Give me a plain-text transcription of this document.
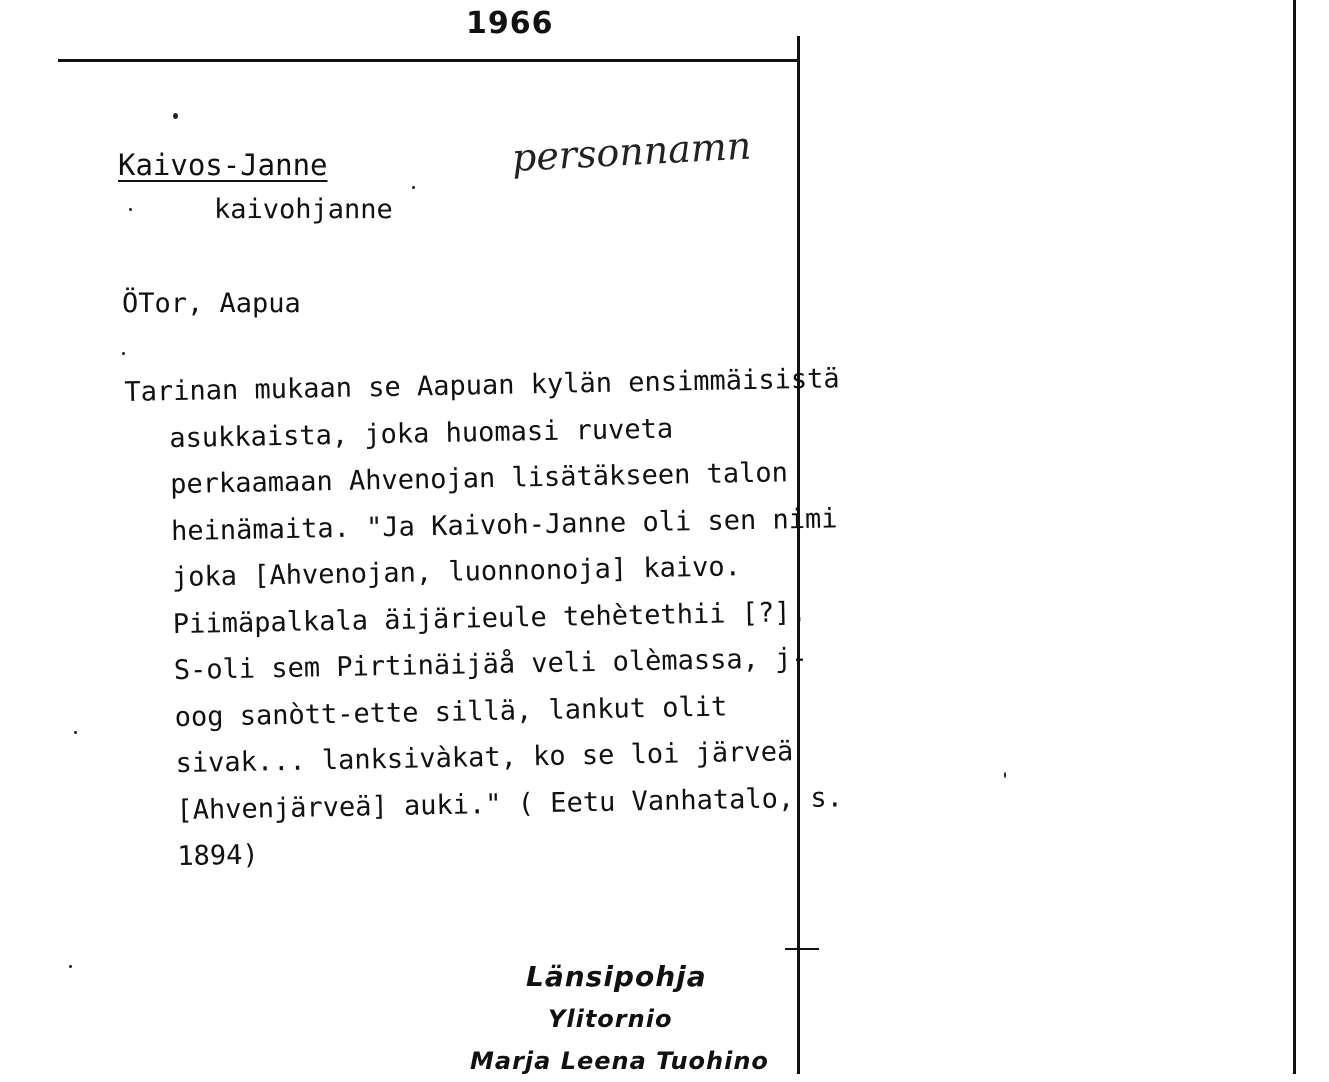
1966
Kaivos-Janne	personnamn
kaivohjanne
ÖTor, Aapua

Tarinan mukaan se Aapuan kylän ensimmäisistä asukkaista, joka huomasi ruveta perkaamaan Ahvenojan lisätäkseen talon heinämaita. "Ja Kaivoh-Janne oli sen nimi joka [Ahvenojan, luonnonoja] kaivo. Piimäpalkala äijärieule tehètethii [?]. S-oli sem Pirtinäijäå veli olèmassa, j-oog sanòtt-ette sillä, lankut olit sivak... lanksivàkat, ko se loi järveä [Ahvenjärveä] auki." ( Eetu Vanhatalo, s. 1894)

Länsipohja
Ylitornio
Marja Leena Tuohino
